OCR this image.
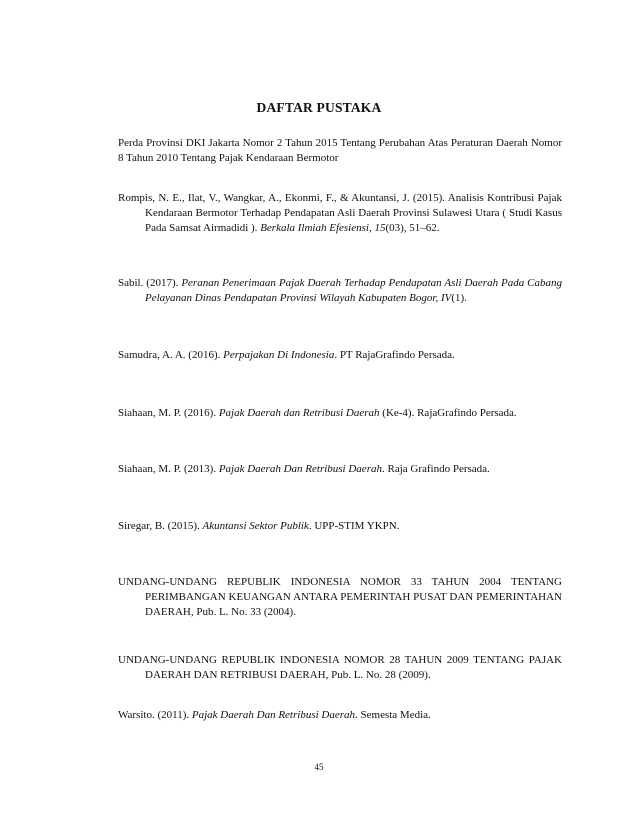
DAFTAR PUSTAKA
Perda Provinsi DKI Jakarta Nomor 2 Tahun 2015 Tentang Perubahan Atas Peraturan Daerah Nomor 8 Tahun 2010 Tentang Pajak Kendaraan Bermotor
Rompis, N. E., Ilat, V., Wangkar, A., Ekonmi, F., & Akuntansi, J. (2015). Analisis Kontribusi Pajak Kendaraan Bermotor Terhadap Pendapatan Asli Daerah Provinsi Sulawesi Utara ( Studi Kasus Pada Samsat Airmadidi ). Berkala Ilmiah Efesiensi, 15(03), 51–62.
Sabil. (2017). Peranan Penerimaan Pajak Daerah Terhadap Pendapatan Asli Daerah Pada Cabang Pelayanan Dinas Pendapatan Provinsi Wilayah Kabupaten Bogor, IV(1).
Samudra, A. A. (2016). Perpajakan Di Indonesia. PT RajaGrafindo Persada.
Siahaan, M. P. (2016). Pajak Daerah dan Retribusi Daerah (Ke-4). RajaGrafindo Persada.
Siahaan, M. P. (2013). Pajak Daerah Dan Retribusi Daerah. Raja Grafindo Persada.
Siregar, B. (2015). Akuntansi Sektor Publik. UPP-STIM YKPN.
UNDANG-UNDANG REPUBLIK INDONESIA NOMOR 33 TAHUN 2004 TENTANG PERIMBANGAN KEUANGAN ANTARA PEMERINTAH PUSAT DAN PEMERINTAHAN DAERAH, Pub. L. No. 33 (2004).
UNDANG-UNDANG REPUBLIK INDONESIA NOMOR 28 TAHUN 2009 TENTANG PAJAK DAERAH DAN RETRIBUSI DAERAH, Pub. L. No. 28 (2009).
Warsito. (2011). Pajak Daerah Dan Retribusi Daerah. Semesta Media.
45
